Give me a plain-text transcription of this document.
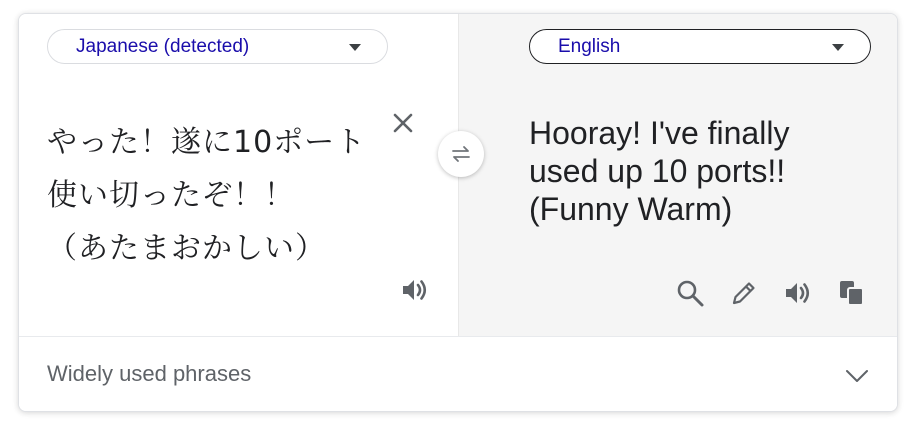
Japanese (detected)
やった！遂に10ポート
使い切ったぞ！！
（あたまおかしい）
English
Hooray! I've finally
used up 10 ports!!
(Funny Warm)
Widely used phrases
